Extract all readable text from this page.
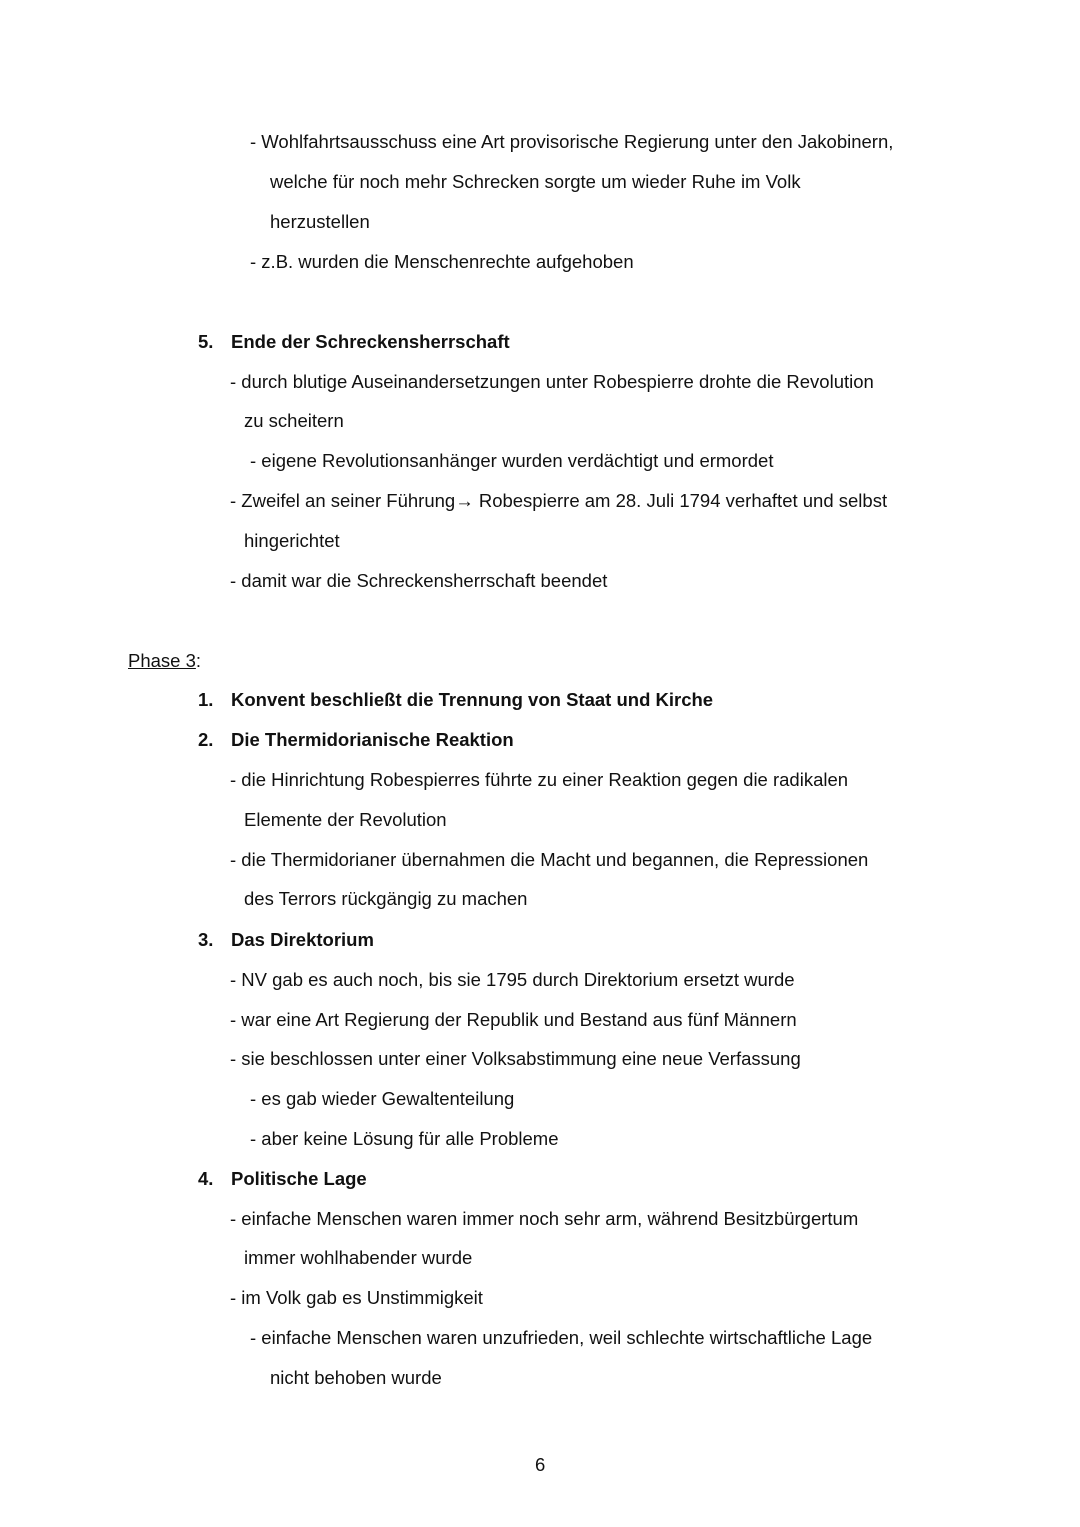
- Wohlfahrtsausschuss eine Art provisorische Regierung unter den Jakobinern,
welche für noch mehr Schrecken sorgte um wieder Ruhe im Volk
herzustellen
- z.B. wurden die Menschenrechte aufgehoben
5. Ende der Schreckensherrschaft
- durch blutige Auseinandersetzungen unter Robespierre drohte die Revolution
zu scheitern
- eigene Revolutionsanhänger wurden verdächtigt und ermordet
- Zweifel an seiner Führung→ Robespierre am 28. Juli 1794 verhaftet und selbst
hingerichtet
- damit war die Schreckensherrschaft beendet
Phase 3:
1. Konvent beschließt die Trennung von Staat und Kirche
2. Die Thermidorianische Reaktion
- die Hinrichtung Robespierres führte zu einer Reaktion gegen die radikalen
Elemente der Revolution
- die Thermidorianer übernahmen die Macht und begannen, die Repressionen
des Terrors rückgängig zu machen
3. Das Direktorium
- NV gab es auch noch, bis sie 1795 durch Direktorium ersetzt wurde
- war eine Art Regierung der Republik und Bestand aus fünf Männern
- sie beschlossen unter einer Volksabstimmung eine neue Verfassung
- es gab wieder Gewaltenteilung
- aber keine Lösung für alle Probleme
4. Politische Lage
- einfache Menschen waren immer noch sehr arm, während Besitzbürgertum
immer wohlhabender wurde
- im Volk gab es Unstimmigkeit
- einfache Menschen waren unzufrieden, weil schlechte wirtschaftliche Lage
nicht behoben wurde
6
